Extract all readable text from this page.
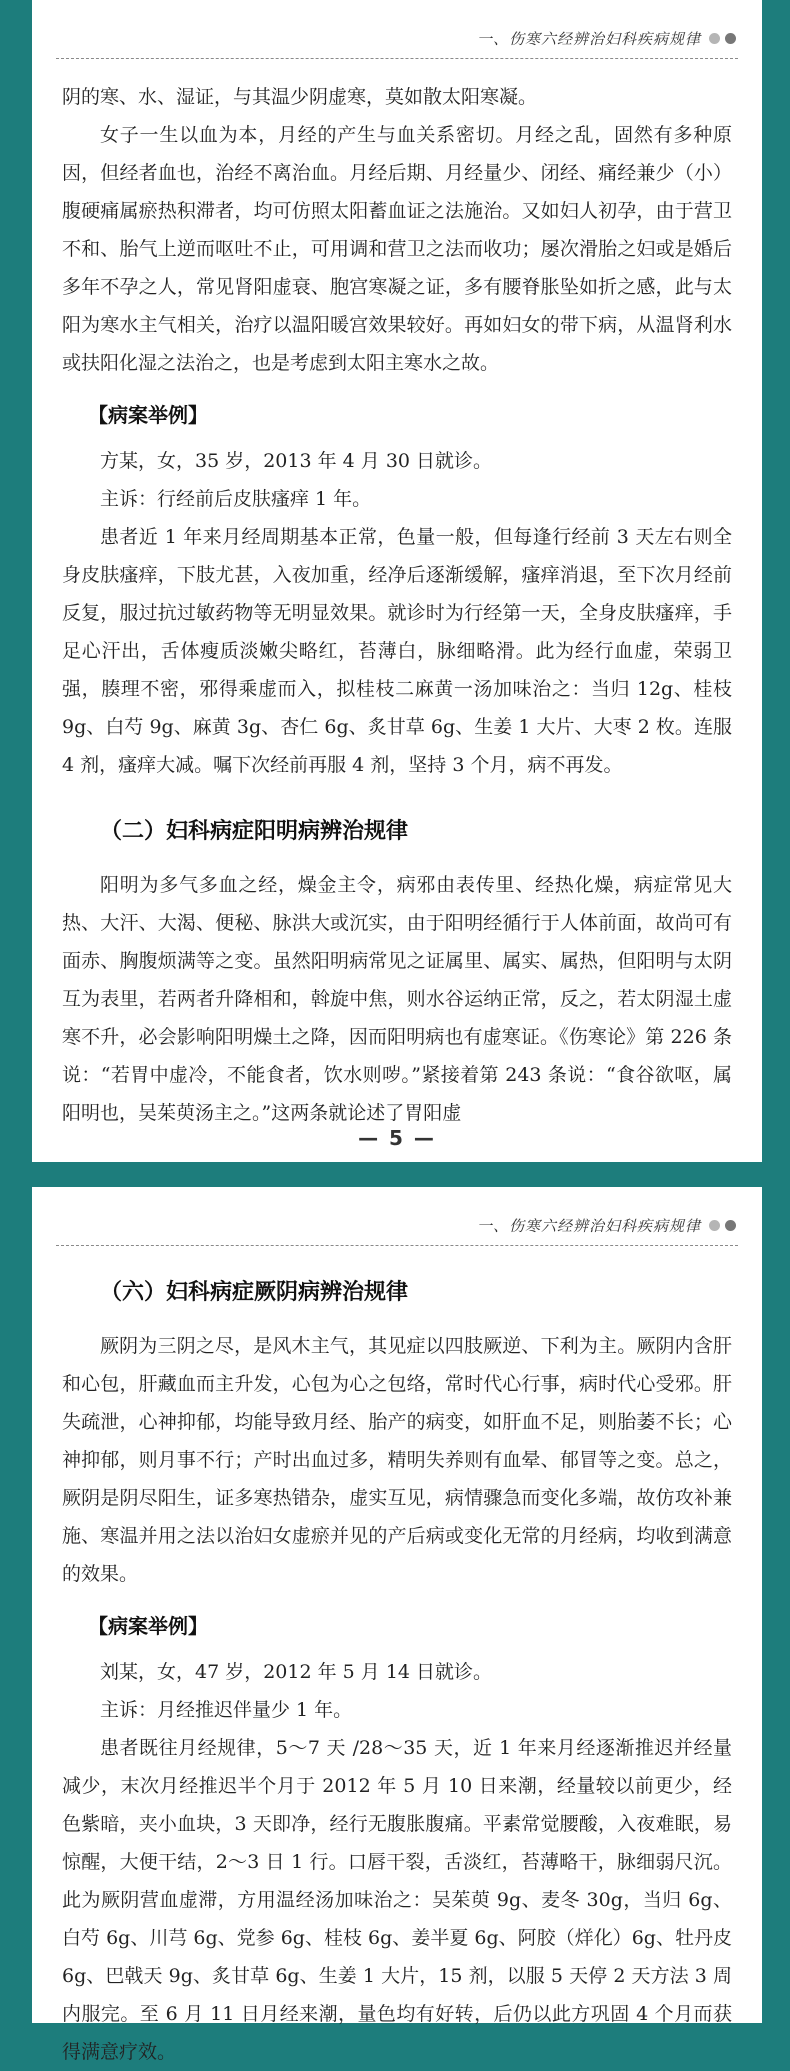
一、伤寒六经辨治妇科疾病规律

阴的寒、水、湿证，与其温少阴虚寒，莫如散太阳寒凝。

女子一生以血为本，月经的产生与血关系密切。月经之乱，固然有多种原因，但经者血也，治经不离治血。月经后期、月经量少、闭经、痛经兼少（小）腹硬痛属瘀热积滞者，均可仿照太阳蓄血证之法施治。又如妇人初孕，由于营卫不和、胎气上逆而呕吐不止，可用调和营卫之法而收功；屡次滑胎之妇或是婚后多年不孕之人，常见肾阳虚衰、胞宫寒凝之证，多有腰脊胀坠如折之感，此与太阳为寒水主气相关，治疗以温阳暖宫效果较好。再如妇女的带下病，从温肾利水或扶阳化湿之法治之，也是考虑到太阳主寒水之故。

【病案举例】

方某，女，35 岁，2013 年 4 月 30 日就诊。

主诉：行经前后皮肤瘙痒 1 年。

患者近 1 年来月经周期基本正常，色量一般，但每逢行经前 3 天左右则全身皮肤瘙痒，下肢尤甚，入夜加重，经净后逐渐缓解，瘙痒消退，至下次月经前反复，服过抗过敏药物等无明显效果。就诊时为行经第一天，全身皮肤瘙痒，手足心汗出，舌体瘦质淡嫩尖略红，苔薄白，脉细略滑。此为经行血虚，荣弱卫强，腠理不密，邪得乘虚而入，拟桂枝二麻黄一汤加味治之：当归 12g、桂枝 9g、白芍 9g、麻黄 3g、杏仁 6g、炙甘草 6g、生姜 1 大片、大枣 2 枚。连服 4 剂，瘙痒大减。嘱下次经前再服 4 剂，坚持 3 个月，病不再发。

（二）妇科病症阳明病辨治规律

阳明为多气多血之经，燥金主令，病邪由表传里、经热化燥，病症常见大热、大汗、大渴、便秘、脉洪大或沉实，由于阳明经循行于人体前面，故尚可有面赤、胸腹烦满等之变。虽然阳明病常见之证属里、属实、属热，但阳明与太阴互为表里，若两者升降相和，斡旋中焦，则水谷运纳正常，反之，若太阴湿土虚寒不升，必会影响阳明燥土之降，因而阳明病也有虚寒证。《伤寒论》第 226 条说：“若胃中虚冷，不能食者，饮水则哕。”紧接着第 243 条说：“食谷欲呕，属阳明也，吴茱萸汤主之。”这两条就论述了胃阳虚

— 5 —
一、伤寒六经辨治妇科疾病规律
（六）妇科病症厥阴病辨治规律

厥阴为三阴之尽，是风木主气，其见症以四肢厥逆、下利为主。厥阴内含肝和心包，肝藏血而主升发，心包为心之包络，常时代心行事，病时代心受邪。肝失疏泄，心神抑郁，均能导致月经、胎产的病变，如肝血不足，则胎萎不长；心神抑郁，则月事不行；产时出血过多，精明失养则有血晕、郁冒等之变。总之，厥阴是阴尽阳生，证多寒热错杂，虚实互见，病情骤急而变化多端，故仿攻补兼施、寒温并用之法以治妇女虚瘀并见的产后病或变化无常的月经病，均收到满意的效果。

【病案举例】

刘某，女，47 岁，2012 年 5 月 14 日就诊。

主诉：月经推迟伴量少 1 年。

患者既往月经规律，5～7 天 /28～35 天，近 1 年来月经逐渐推迟并经量减少，末次月经推迟半个月于 2012 年 5 月 10 日来潮，经量较以前更少，经色紫暗，夹小血块，3 天即净，经行无腹胀腹痛。平素常觉腰酸，入夜难眠，易惊醒，大便干结，2～3 日 1 行。口唇干裂，舌淡红，苔薄略干，脉细弱尺沉。此为厥阴营血虚滞，方用温经汤加味治之：吴茱萸 9g、麦冬 30g，当归 6g、白芍 6g、川芎 6g、党参 6g、桂枝 6g、姜半夏 6g、阿胶（烊化）6g、牡丹皮 6g、巴戟天 9g、炙甘草 6g、生姜 1 大片，15 剂，以服 5 天停 2 天方法 3 周内服完。至 6 月 11 日月经来潮，量色均有好转，后仍以此方巩固 4 个月而获得满意疗效。
